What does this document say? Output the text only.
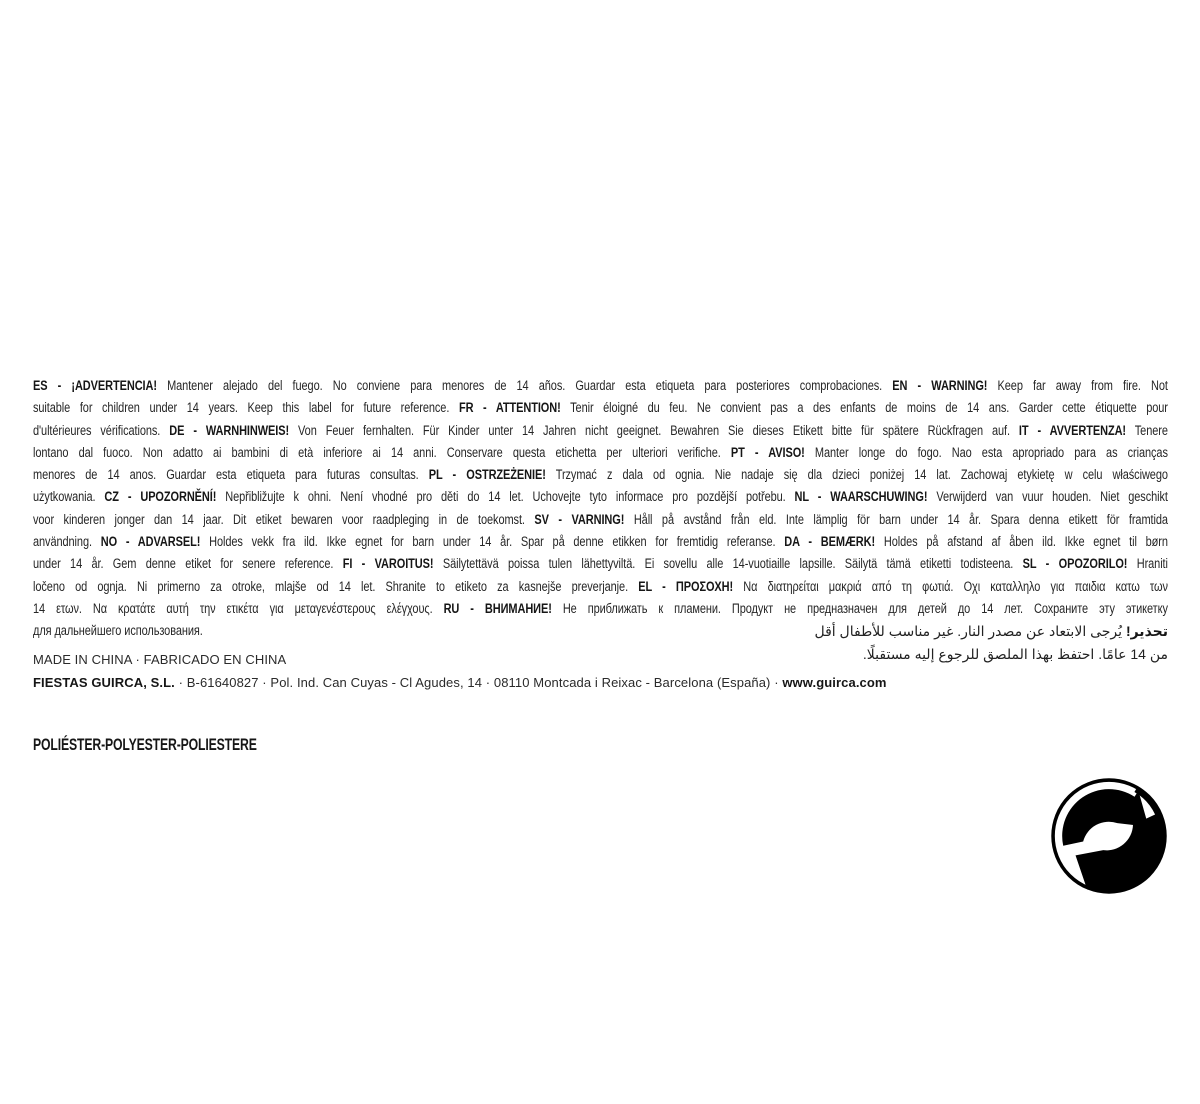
ES - ¡ADVERTENCIA! Mantener alejado del fuego. No conviene para menores de 14 años. Guardar esta etiqueta para posteriores comprobaciones. EN - WARNING! Keep far away from fire. Not
suitable for children under 14 years. Keep this label for future reference. FR - ATTENTION! Tenir éloigné du feu. Ne convient pas a des enfants de moins de 14 ans. Garder cette étiquette pour
d'ultérieures vérifications. DE - WARNHINWEIS! Von Feuer fernhalten. Für Kinder unter 14 Jahren nicht geeignet. Bewahren Sie dieses Etikett bitte für spätere Rückfragen auf. IT - AVVERTENZA! Tenere
lontano dal fuoco. Non adatto ai bambini di età inferiore ai 14 anni. Conservare questa etichetta per ulteriori verifiche. PT - AVISO! Manter longe do fogo. Nao esta apropriado para as crianças
menores de 14 anos. Guardar esta etiqueta para futuras consultas. PL - OSTRZEŻENIE! Trzymać z dala od ognia. Nie nadaje się dla dzieci poniżej 14 lat. Zachowaj etykietę w celu właściwego
użytkowania. CZ - UPOZORNĚNÍ! Nepřibližujte k ohni. Není vhodné pro děti do 14 let. Uchovejte tyto informace pro pozdější potřebu. NL - WAARSCHUWING! Verwijderd van vuur houden. Niet geschikt
voor kinderen jonger dan 14 jaar. Dit etiket bewaren voor raadpleging in de toekomst. SV - VARNING! Håll på avstånd från eld. Inte lämplig för barn under 14 år. Spara denna etikett för framtida
användning. NO - ADVARSEL! Holdes vekk fra ild. Ikke egnet for barn under 14 år. Spar på denne etikken for fremtidig referanse. DA - BEMÆRK! Holdes på afstand af åben ild. Ikke egnet til børn
under 14 år. Gem denne etiket for senere reference. FI - VAROITUS! Säilytettävä poissa tulen lähettyviltä. Ei sovellu alle 14-vuotiaille lapsille. Säilytä tämä etiketti todisteena. SL - OPOZORILO! Hraniti
ločeno od ognja. Ni primerno za otroke, mlajše od 14 let. Shranite to etiketo za kasnejše preverjanje. EL - ΠΡΟΣΟΧΗ! Να διατηρείται μακριά από τη φωτιά. Οχι καταλληλο για παιδια κατω των
14 ετων. Να κρατάτε αυτή την ετικέτα για μεταγενέστερους ελέγχους. RU - ВНИМАНИЕ! Не приближать к пламени. Продукт не предназначен для детей до 14 лет. Сохраните эту этикетку
для дальнейшего использования.	تحذير! يُرجى الابتعاد عن مصدر النار. غير مناسب للأطفال أقل
من 14 عامًا. احتفظ بهذا الملصق للرجوع إليه مستقبلًا.
MADE IN CHINA · FABRICADO EN CHINA
FIESTAS GUIRCA, S.L. · B-61640827 · Pol. Ind. Can Cuyas - Cl Agudes, 14 · 08110 Montcada i Reixac - Barcelona (España) · www.guirca.com
POLIÉSTER-POLYESTER-POLIESTERE
